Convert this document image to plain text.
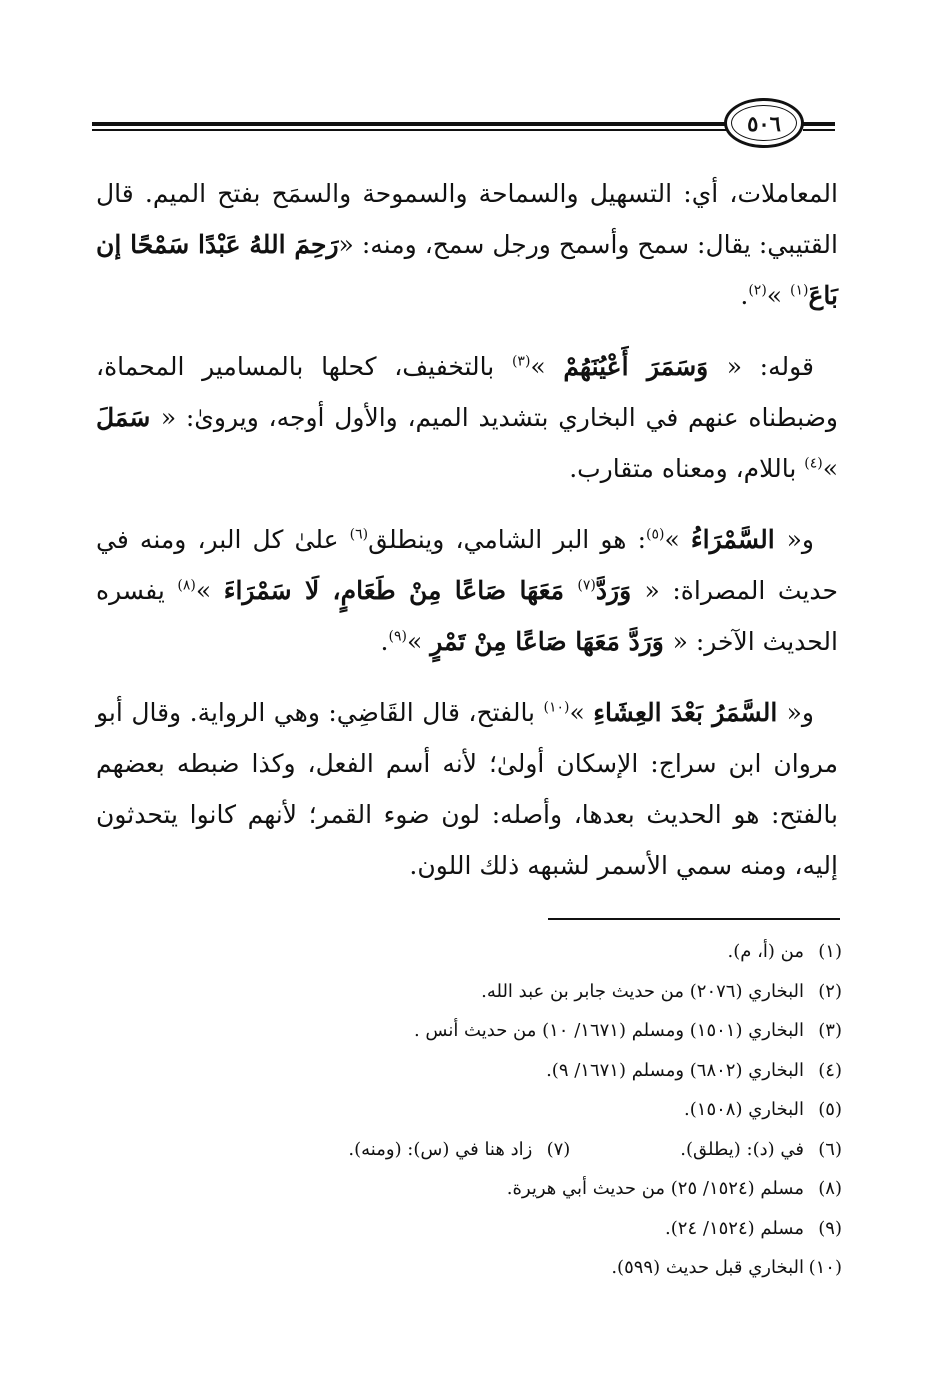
٥٠٦

المعاملات، أي: التسهيل والسماحة والسموحة والسمَح بفتح الميم. قال القتيبي: يقال: سمح وأسمح ورجل سمح، ومنه: «رَحِمَ اللهُ عَبْدًا سَمْحًا إن بَاعَ$^{(١)}$ »$^{(٢)}$.

قوله: « وَسَمَرَ أَعْيُنَهُمْ »$^{(٣)}$ بالتخفيف، كحلها بالمسامير المحماة، وضبطناه عنهم في البخاري بتشديد الميم، والأول أوجه، ويروىٰ: « سَمَلَ »$^{(٤)}$ باللام، ومعناه متقارب.

و« السَّمْرَاءُ »$^{(٥)}$: هو البر الشامي، وينطلق$^{(٦)}$ علىٰ كل البر، ومنه في حديث المصراة: « وَرَدَّ$^{(٧)}$ مَعَهَا صَاعًا مِنْ طَعَامٍ، لَا سَمْرَاءَ »$^{(٨)}$ يفسره الحديث الآخر: « وَرَدَّ مَعَهَا صَاعًا مِنْ تَمْرٍ »$^{(٩)}$.

و« السَّمَرُ بَعْدَ العِشَاءِ »$^{(١٠)}$ بالفتح، قال القَاضِي: وهي الرواية. وقال أبو مروان ابن سراج: الإسكان أولىٰ؛ لأنه أسم الفعل، وكذا ضبطه بعضهم بالفتح: هو الحديث بعدها، وأصله: لون ضوء القمر؛ لأنهم كانوا يتحدثون إليه، ومنه سمي الأسمر لشبهه ذلك اللون.

(١)من (أ، م).
(٢)البخاري (٢٠٧٦) من حديث جابر بن عبد الله.
(٣)البخاري (١٥٠١) ومسلم (١٦٧١/ ١٠) من حديث أنس .
(٤)البخاري (٦٨٠٢) ومسلم (١٦٧١/ ٩).
(٥)البخاري (١٥٠٨).
(٦)في (د): (يطلق).
(٧)زاد هنا في (س): (ومنه).
(٨)مسلم (١٥٢٤/ ٢٥) من حديث أبي هريرة.
(٩)مسلم (١٥٢٤/ ٢٤).
(١٠)البخاري قبل حديث (٥٩٩).
